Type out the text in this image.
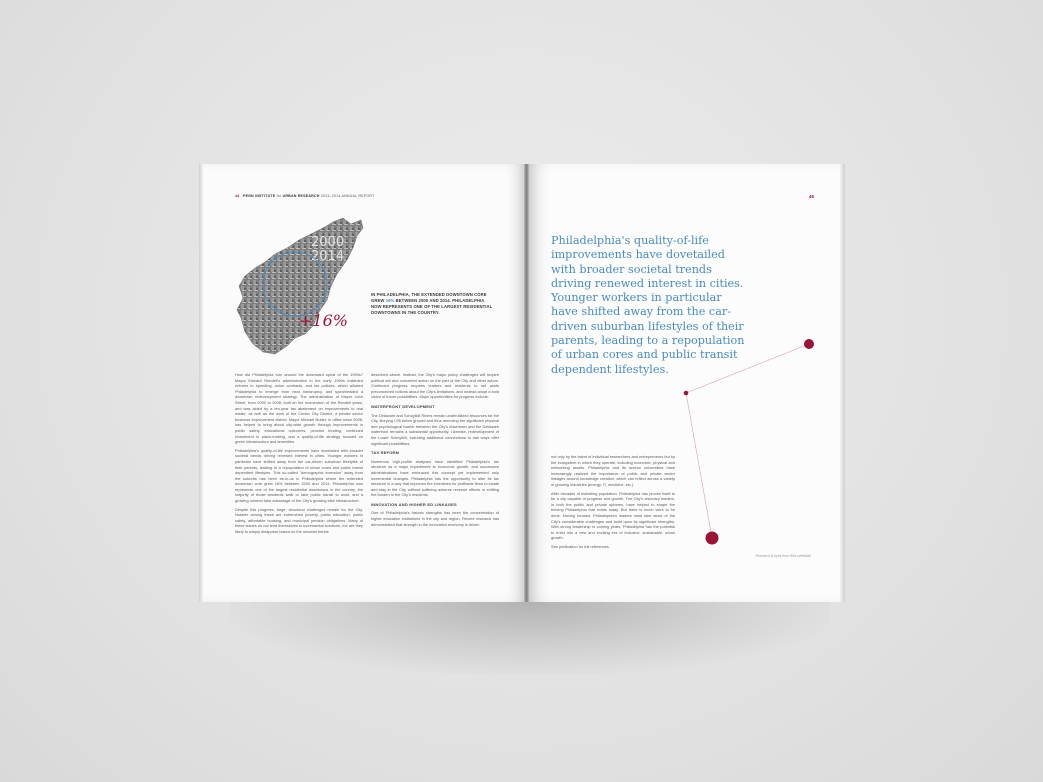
44 PENN INSTITUTE for URBAN RESEARCH 2013–2014 ANNUAL REPORT
2000
2014
+16%
IN PHILADELPHIA, THE EXTENDED DOWNTOWN CORE GREW 16% BETWEEN 2000 AND 2014. PHILADELPHIA NOW REPRESENTS ONE OF THE LARGEST RESIDENTIAL DOWNTOWNS IN THE COUNTRY.

How did Philadelphia turn around the downward spiral of the 1990s? Mayor Edward Rendell's administration in the early 1990s instituted reforms to spending, union contracts, and tax policies, which allowed Philadelphia to emerge from near bankruptcy, and spearheaded a downtown redevelopment strategy. The administration of Mayor John Street, from 2000 to 2008, built on the momentum of the Rendell years, and was aided by a ten-year tax abatement on improvements to real estate, as well as the work of the Center City District, a private sector business improvement district. Mayor Michael Nutter, in office since 2008, has helped to bring about city-wide growth through improvements in public safety, educational outcomes, pension funding, continued investment in place-making, and a quality-of-life strategy focused on green infrastructure and amenities.

Philadelphia's quality-of-life improvements have dovetailed with broader societal trends driving renewed interest in cities. Younger workers in particular have shifted away from the car-driven suburban lifestyles of their parents, leading to a repopulation of urban cores and public transit dependent lifestyles. This so-called "demographic inversion" away from the suburbs has been be-in-us in Philadelphia where the extended downtown core grew 16% between 2000 and 2014. Philadelphia now represents one of the largest residential downtowns in the country, the majority of those residents walk or take public transit to work, and a growing number take advantage of the City's growing bike infrastructure.

Despite this progress, large, structural challenges remain for the City. Notable among these are entrenched poverty, public education, public safety, affordable housing, and municipal pension obligations. Many of these issues do not lend themselves to incremental solutions, nor are they likely to simply disappear based on the urbanist trends

described above. Instead, the City's major policy challenges will require political will and concerted action on the part of the City and other actors. Continued progress requires leaders and residents to set aside preconceived notions about the City's limitations, and instead adopt a bold vision of future possibilities. Major opportunities for progress include:

WATERFRONT DEVELOPMENT

The Delaware and Schuylkill Rivers remain underutilized resources for the City. Burying I-95 below ground and thus removing the significant physical and psychological barrier between the City's downtown and the Delaware waterfront remains a substantial opportunity. Likewise, redevelopment of the Lower Schuylkill, including additional connections to trail ways offer significant possibilities.

TAX REFORM

Numerous high-profile analyses have identified Philadelphia's tax structure as a major impediment to economic growth, and successive administrations have embraced this concept yet implemented only incremental changes. Philadelphia has the opportunity to alter its tax structure in a way that improves the incentives for profitable firms to locate and stay in the City, without suffering adverse revenue effects or shifting the burden to the City's residents.

INNOVATION AND HIGHER ED LINKAGES

One of Philadelphia's historic strengths has been the concentration of higher education institutions in the city and region. Recent research has demonstrated that strength in the innovation economy is driven

45
Philadelphia's quality-of-life improvements have dovetailed with broader societal trends driving renewed interest in cities. Younger workers in particular have shifted away from the car-driven suburban lifestyles of their parents, leading to a repopulation of urban cores and public transit dependent lifestyles.

not only by the talent of individual researchers and entrepreneurs but by the ecosystem in which they operate, including economic, physical and networking assets. Philadelphia and its anchor universities have increasingly realized the importance of public and private sector linkages around knowledge creation, which can reflect across a variety of growing industries (energy, IT, medicine, etc.).

After decades of dwindling population, Philadelphia has proven itself to be a city capable of progress and growth. The City's visionary leaders, in both the public and private spheres, have helped to shape the thriving Philadelphia that exists today. But there is much work to be done. Moving forward, Philadelphia's leaders must take stock of the City's considerable challenges and build upon its significant strengths. With strong leadership in coming years, Philadelphia has the potential to enter into a new and exciting era of inclusive, sustainable, urban growth.

See publication for full references.

Research & eyes from WeLoveBabel
